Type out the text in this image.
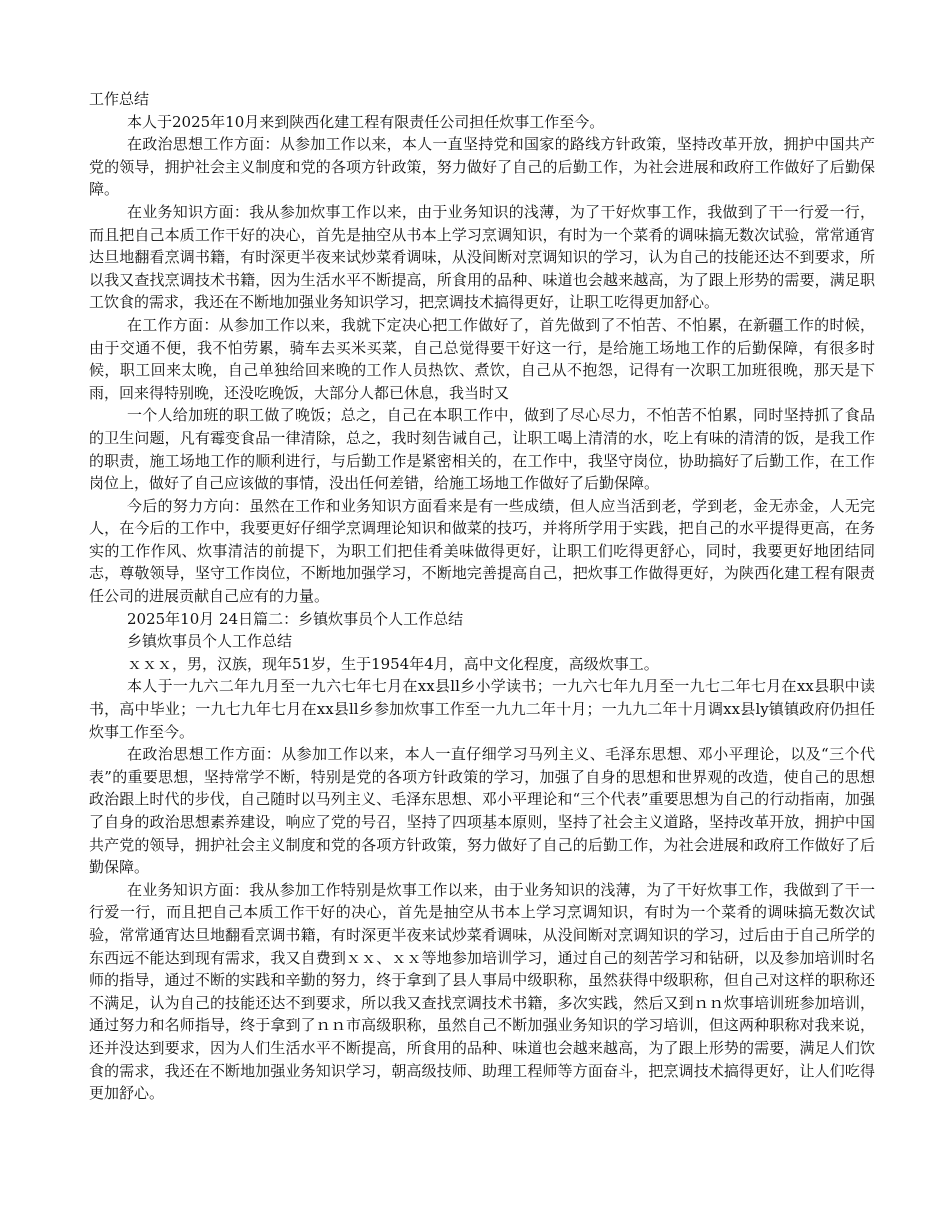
工作总结

本人于2025年10月来到陕西化建工程有限责任公司担任炊事工作至今。

在政治思想工作方面：从参加工作以来，本人一直坚持党和国家的路线方针政策，坚持改革开放，拥护中国共产党的领导，拥护社会主义制度和党的各项方针政策，努力做好了自己的后勤工作，为社会进展和政府工作做好了后勤保障。

在业务知识方面：我从参加炊事工作以来，由于业务知识的浅薄，为了干好炊事工作，我做到了干一行爱一行，而且把自己本质工作干好的决心，首先是抽空从书本上学习烹调知识，有时为一个菜肴的调味搞无数次试验，常常通宵达旦地翻看烹调书籍，有时深更半夜来试炒菜肴调味，从没间断对烹调知识的学习，认为自己的技能还达不到要求，所以我又查找烹调技术书籍，因为生活水平不断提高，所食用的品种、味道也会越来越高，为了跟上形势的需要，满足职工饮食的需求，我还在不断地加强业务知识学习，把烹调技术搞得更好，让职工吃得更加舒心。

在工作方面：从参加工作以来，我就下定决心把工作做好了，首先做到了不怕苦、不怕累，在新疆工作的时候，由于交通不便，我不怕劳累，骑车去买米买菜，自己总觉得要干好这一行，是给施工场地工作的后勤保障，有很多时候，职工回来太晚，自己单独给回来晚的工作人员热饮、煮饮，自己从不抱怨，记得有一次职工加班很晚，那天是下雨，回来得特别晚，还没吃晚饭，大部分人都已休息，我当时又

一个人给加班的职工做了晚饭；总之，自己在本职工作中，做到了尽心尽力，不怕苦不怕累，同时坚持抓了食品的卫生问题，凡有霉变食品一律清除，总之，我时刻告诫自己，让职工喝上清清的水，吃上有味的清清的饭，是我工作的职责，施工场地工作的顺利进行，与后勤工作是紧密相关的，在工作中，我坚守岗位，协助搞好了后勤工作，在工作岗位上，做好了自己应该做的事情，没出任何差错，给施工场地工作做好了后勤保障。

今后的努力方向：虽然在工作和业务知识方面看来是有一些成绩，但人应当活到老，学到老，金无赤金，人无完人，在今后的工作中，我要更好仔细学烹调理论知识和做菜的技巧，并将所学用于实践，把自己的水平提得更高，在务实的工作作风、炊事清洁的前提下，为职工们把佳肴美味做得更好，让职工们吃得更舒心，同时，我要更好地团结同志，尊敬领导，坚守工作岗位，不断地加强学习，不断地完善提高自己，把炊事工作做得更好，为陕西化建工程有限责任公司的进展贡献自己应有的力量。

2025年10月 24日篇二：乡镇炊事员个人工作总结

乡镇炊事员个人工作总结

ｘｘｘ，男，汉族，现年51岁，生于1954年4月，高中文化程度，高级炊事工。

本人于一九六二年九月至一九六七年七月在xx县ll乡小学读书；一九六七年九月至一九七二年七月在xx县职中读书，高中毕业；一九七九年七月在xx县ll乡参加炊事工作至一九九二年十月；一九九二年十月调xx县ly镇镇政府仍担任炊事工作至今。

在政治思想工作方面：从参加工作以来，本人一直仔细学习马列主义、毛泽东思想、邓小平理论，以及“三个代表”的重要思想，坚持常学不断，特别是党的各项方针政策的学习，加强了自身的思想和世界观的改造，使自己的思想政治跟上时代的步伐，自己随时以马列主义、毛泽东思想、邓小平理论和“三个代表”重要思想为自己的行动指南，加强了自身的政治思想素养建设，响应了党的号召，坚持了四项基本原则，坚持了社会主义道路，坚持改革开放，拥护中国共产党的领导，拥护社会主义制度和党的各项方针政策，努力做好了自己的后勤工作，为社会进展和政府工作做好了后勤保障。

在业务知识方面：我从参加工作特别是炊事工作以来，由于业务知识的浅薄，为了干好炊事工作，我做到了干一行爱一行，而且把自己本质工作干好的决心，首先是抽空从书本上学习烹调知识，有时为一个菜肴的调味搞无数次试验，常常通宵达旦地翻看烹调书籍，有时深更半夜来试炒菜肴调味，从没间断对烹调知识的学习，过后由于自己所学的东西远不能达到现有需求，我又自费到ｘｘ、ｘｘ等地参加培训学习，通过自己的刻苦学习和钻研，以及参加培训时名师的指导，通过不断的实践和辛勤的努力，终于拿到了县人事局中级职称，虽然获得中级职称，但自己对这样的职称还不满足，认为自己的技能还达不到要求，所以我又查找烹调技术书籍，多次实践，然后又到ｎｎ炊事培训班参加培训，通过努力和名师指导，终于拿到了ｎｎ市高级职称，虽然自己不断加强业务知识的学习培训，但这两种职称对我来说，还并没达到要求，因为人们生活水平不断提高，所食用的品种、味道也会越来越高，为了跟上形势的需要，满足人们饮食的需求，我还在不断地加强业务知识学习，朝高级技师、助理工程师等方面奋斗，把烹调技术搞得更好，让人们吃得更加舒心。
